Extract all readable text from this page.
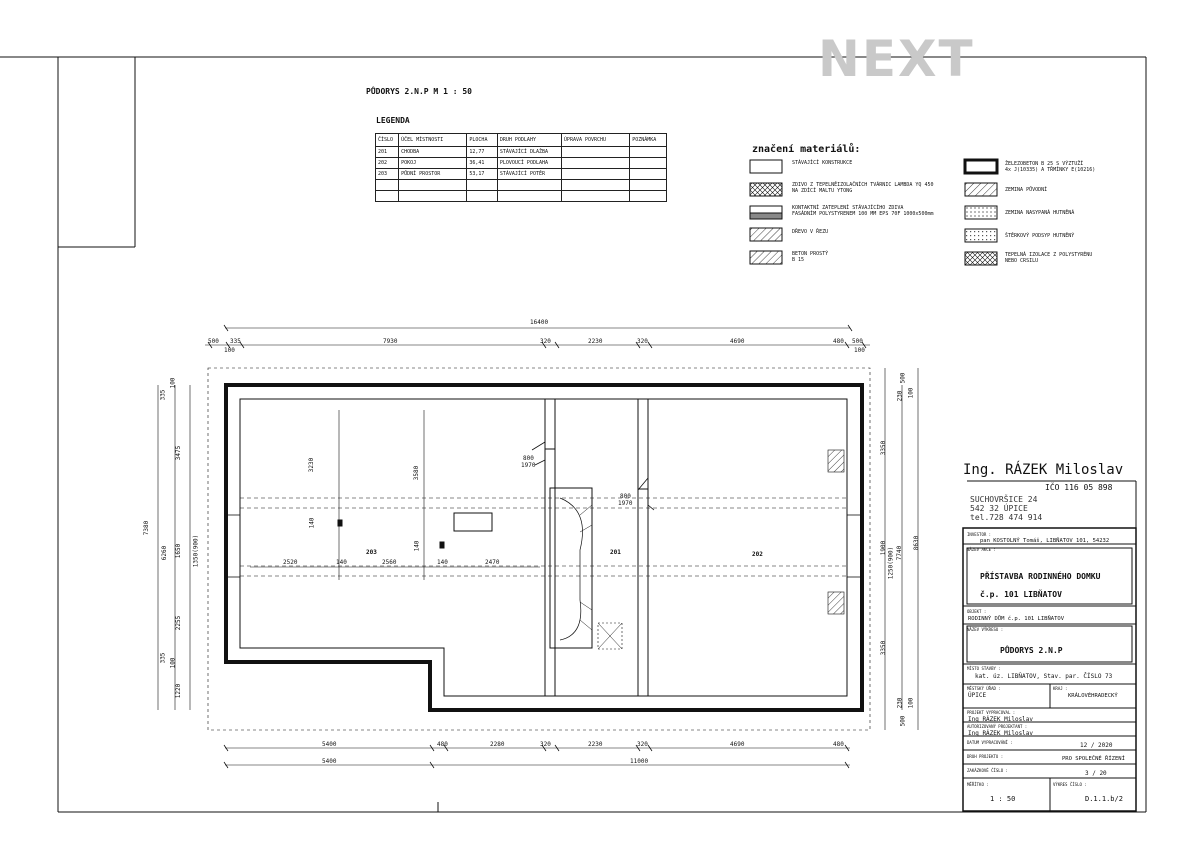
NEXT
PŮDORYS 2.N.P M 1 : 50
LEGENDA
ČÍSLO	ÚČEL MÍSTNOSTI	PLOCHA	DRUH PODLAHY	ÚPRAVA POVRCHU	POZNÁMKA
201	CHODBA	12,77	STÁVAJÍCÍ DLAŽBA		
202	POKOJ	36,41	PLOVOUCÍ PODLAHA		
203	PŮDNÍ PROSTOR	53,17	STÁVAJÍCÍ POTĚR		

značení materiálů:
STÁVAJÍCÍ KONSTRUKCE
ZDIVO Z TEPELNĚIZOLAČNÍCH TVÁRNIC LAMBDA YQ 450
NA ZDÍCÍ MALTU YTONG
KONTAKTNÍ ZATEPLENÍ STÁVAJÍCÍHO ZDIVA
FASÁDNÍM POLYSTYRENEM 100 MM EPS 70F 1000x500mm
DŘEVO V ŘEZU
BETON PROSTÝ
B 15
ŽELEZOBETON B 25 S VÝZTUŽÍ
4x J(10335) A TŘMÍNKY E(10216)
ZEMINA PŮVODNÍ
ZEMINA NASYPANÁ HUTNĚNÁ
ŠTĚRKOVÝ PODSYP HUTNĚNÝ
TEPELNÁ IZOLACE Z POLYSTYRÉNU
NEBO CRSILU
16400
500 335
100
7930	320	2230	320	4690	480 500
100
5400	480	2280	320	2230	320	4690	480
5400	11000
7380
335
100
3475
6260 1650
2255
335 100
1220
1350(900)	8630
7740
500
230 100
3350
1900 1250(900)
3350
230 100
500
3230
3580
140
140
2520	140	2560	140	2470
800
1970
800
1970
203	201	202
Ing. RÁZEK Miloslav
IČO 116 05 898
SUCHOVRŠICE 24
542 32 ÚPICE
tel.728 474 914
INVESTOR :
pan KOSTOLNÝ Tomáš, LIBŇATOV 101, 54232
NÁZEV AKCE :
PŘÍSTAVBA RODINNÉHO DOMKU
č.p. 101 LIBŇATOV
OBJEKT :
RODINNÝ DŮM č.p. 101 LIBŇATOV
NÁZEV VÝKRESU :
PŮDORYS 2.N.P
MÍSTO STAVBY :
kat. úz. LIBŇATOV, Stav. par. ČÍSLO 73
MĚSTSKÝ ÚŘAD :
ÚPICE
KRAJ :
KRÁLOVÉHRADECKÝ
PROJEKT VYPRACOVAL :
Ing RÁZEK Miloslav
AUTORIZOVANÝ PROJEKTANT :
Ing RÁZEK Miloslav
DATUM VYPRACOVÁNÍ :	12 / 2020
DRUH PROJEKTU :	PRO SPOLEČNÉ ŘÍZENÍ
ZAKÁZKOVÉ ČÍSLO :	3 / 20
MĚŘÍTKO :
1 : 50
VÝKRES ČÍSLO :
D.1.1.b/2
